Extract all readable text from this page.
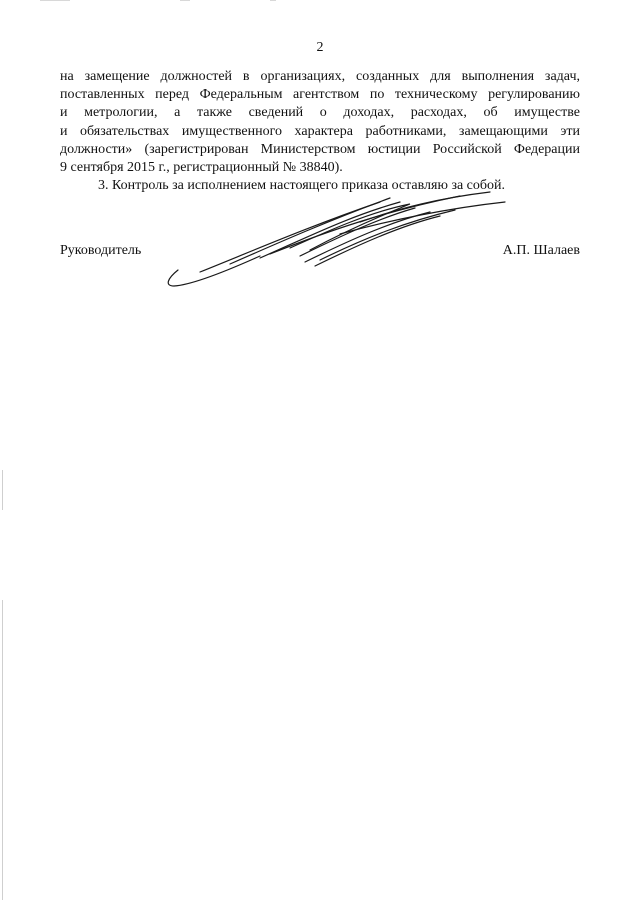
2
на замещение должностей в организациях, созданных для выполнения задач,
поставленных перед Федеральным агентством по техническому регулированию
и метрологии, а также сведений о доходах, расходах, об имуществе
и обязательствах имущественного характера работниками, замещающими эти
должности» (зарегистрирован Министерством юстиции Российской Федерации
9 сентября 2015 г., регистрационный № 38840).
3. Контроль за исполнением настоящего приказа оставляю за собой.
Руководитель	А.П. Шалаев
